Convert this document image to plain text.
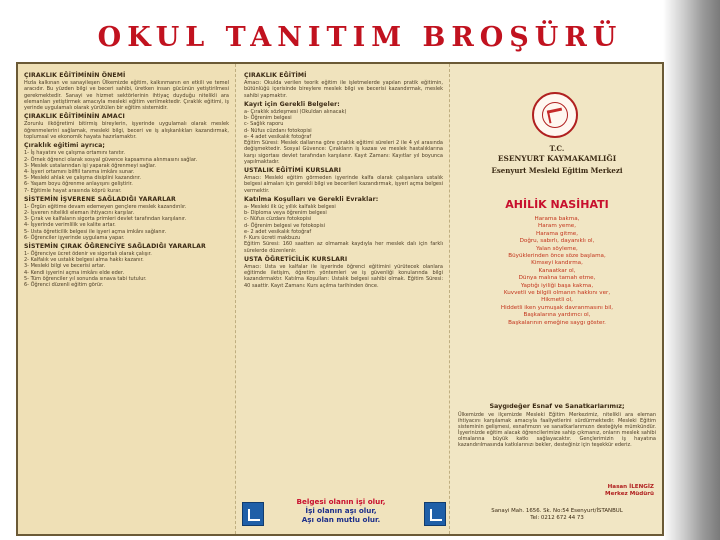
OKUL TANITIM BROŞÜRÜ
ÇIRAKLIK EĞİTİMİNİN ÖNEMİ

Hızla kalkınan ve sanayileşen Ülkemizde eğitim, kalkınmanın en etkili ve temel aracıdır. Bu yüzden bilgi ve beceri sahibi, üretken insan gücünün yetiştirilmesi gerekmektedir. Sanayi ve hizmet sektörlerinin ihtiyaç duyduğu nitelikli ara elemanları yetiştirmek amacıyla mesleki eğitim verilmektedir. Çıraklık eğitimi, iş yerinde uygulamalı olarak yürütülen bir eğitim sistemidir.

ÇIRAKLIK EĞİTİMİNİN AMACI

Zorunlu ilköğretimi bitirmiş bireylerin, işyerinde uygulamalı olarak meslek öğrenmelerini sağlamak, mesleki bilgi, beceri ve iş alışkanlıkları kazandırmak, toplumsal ve ekonomik hayata hazırlamaktır.

Çıraklık eğitimi ayrıca;
1- İş hayatını ve çalışma ortamını tanıtır.
2- Örnek öğrenci olarak sosyal güvence kapsamına alınmasını sağlar.
3- Meslek ustalarından işi yaparak öğrenmeyi sağlar.
4- İşyeri ortamını bilfiil tanıma imkânı sunar.
5- Mesleki ahlak ve çalışma disiplini kazandırır.
6- Yaşam boyu öğrenme anlayışını geliştirir.
7- Eğitimle hayat arasında köprü kurar.
SİSTEMİN İŞVERENE SAĞLADIĞI YARARLAR
1- Örgün eğitime devam edemeyen gençlere meslek kazandırılır.
2- İşveren nitelikli eleman ihtiyacını karşılar.
3- Çırak ve kalfaların sigorta primleri devlet tarafından karşılanır.
4- İşyerinde verimlilik ve kalite artar.
5- Usta öğreticilik belgesi ile işyeri açma imkânı sağlanır.
6- Öğrenciler işyerinde uygulama yapar.
SİSTEMİN ÇIRAK ÖĞRENCİYE SAĞLADIĞI YARARLAR
1- Öğrenciye ücret ödenir ve sigortalı olarak çalışır.
2- Kalfalık ve ustalık belgesi alma hakkı kazanır.
3- Mesleki bilgi ve becerisi artar.
4- Kendi işyerini açma imkânı elde eder.
5- Tüm öğrenciler yıl sonunda sınava tabi tutulur.
6- Öğrenci düzenli eğitim görür.
ÇIRAKLIK EĞİTİMİ

Amacı: Okulda verilen teorik eğitim ile işletmelerde yapılan pratik eğitimin, bütünlüğü içerisinde bireylere meslek bilgi ve becerisi kazandırmak, meslek sahibi yapmaktır.

Kayıt için Gerekli Belgeler:
a- Çıraklık sözleşmesi (Okuldan alınacak)
b- Öğrenim belgesi
c- Sağlık raporu
d- Nüfus cüzdanı fotokopisi
e- 4 adet vesikalık fotoğraf

Eğitim Süresi: Meslek dallarına göre çıraklık eğitimi süreleri 2 ile 4 yıl arasında değişmektedir. Sosyal Güvence: Çırakların iş kazası ve meslek hastalıklarına karşı sigortası devlet tarafından karşılanır. Kayıt Zamanı: Kayıtlar yıl boyunca yapılmaktadır.

USTALIK EĞİTİMİ KURSLARI

Amacı: Mesleki eğitim görmeden işyerinde kalfa olarak çalışanlara ustalık belgesi almaları için gerekli bilgi ve becerileri kazandırmak, işyeri açma belgesi vermektir.

Katılma Koşulları ve Gerekli Evraklar:
a- Mesleki ilk üç yıllık kalfalık belgesi
b- Diploma veya öğrenim belgesi
c- Nüfus cüzdanı fotokopisi
d- Öğrenim belgesi ve fotokopisi
e- 2 adet vesikalık fotoğraf
f- Kurs ücreti makbuzu

Eğitim Süresi: 160 saatten az olmamak kaydıyla her meslek dalı için farklı sürelerde düzenlenir.

USTA ÖĞRETİCİLİK KURSLARI

Amacı: Usta ve kalfalar ile işyerinde öğrenci eğitimini yürütecek olanlara eğitimde iletişim, öğretim yöntemleri ve iş güvenliği konularında bilgi kazandırmaktır. Katılma Koşulları: Ustalık belgesi sahibi olmak. Eğitim Süresi: 40 saattir. Kayıt Zamanı: Kurs açılma tarihinden önce.

T.C.
ESENYURT KAYMAKAMLIĞI
Esenyurt Mesleki Eğitim Merkezi
AHİLİK NASİHATI
Harama bakma,
Haram yeme,
Harama gitme,
Doğru, sabırlı, dayanıklı ol,
Yalan söyleme,
Büyüklerinden önce söze başlama,
Kimseyi kandırma,
Kanaatkar ol,
Dünya malına tamah etme,
Yaptığı iyiliği başa kakma,
Kuvvetli ve bilgili olmanın hakkını ver,
Hikmetli ol,
Hiddetli iken yumuşak davranmasını bil,
Başkalarına yardımcı ol,
Başkalarının emeğine saygı göster.
Saygıdeğer Esnaf ve Sanatkarlarımız;

Ülkemizde ve ilçemizde Mesleki Eğitim Merkezimiz, nitelikli ara eleman ihtiyacını karşılamak amacıyla faaliyetlerini sürdürmektedir. Mesleki Eğitim sisteminin gelişmesi, esnafımızın ve sanatkarlarımızın desteğiyle mümkündür. İşyerinizde eğitim alacak öğrencilerimize sahip çıkmanız, onların meslek sahibi olmalarına büyük katkı sağlayacaktır. Gençlerimizin iş hayatına kazandırılmasında katkılarınızı bekler, desteğiniz için teşekkür ederiz.

Hasan İLENGİZ
Merkez Müdürü
Sanayi Mah. 1656. Sk. No:54 Esenyurt/İSTANBUL
Tel: 0212 672 44 73
Belgesi olanın işi olur,
İşi olanın aşı olur,
Aşı olan mutlu olur.
